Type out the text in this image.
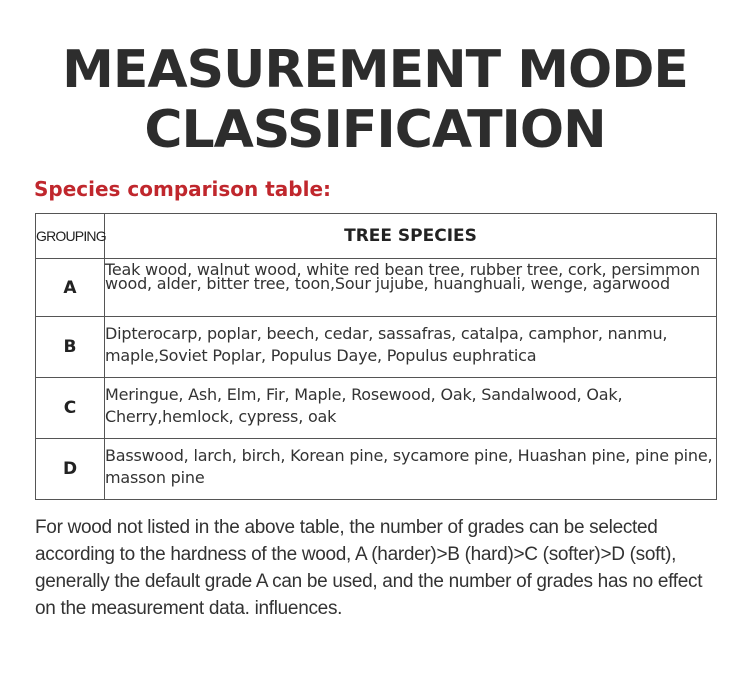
MEASUREMENT MODE
CLASSIFICATION
Species comparison table:
GROUPING	TREE SPECIES
A	Teak wood, walnut wood, white red bean tree, rubber tree, cork, persimmon wood, alder, bitter tree, toon,Sour jujube, huanghuali, wenge, agarwood
B	Dipterocarp, poplar, beech, cedar, sassafras, catalpa, camphor, nanmu, maple,Soviet Poplar, Populus Daye, Populus euphratica
C	Meringue, Ash, Elm, Fir, Maple, Rosewood, Oak, Sandalwood, Oak, Cherry,hemlock, cypress, oak
D	Basswood, larch, birch, Korean pine, sycamore pine, Huashan pine, pine pine, masson pine
For wood not listed in the above table, the number of grades can be selected according to the hardness of the wood, A (harder)>B (hard)>C (softer)>D (soft), generally the default grade A can be used, and the number of grades has no effect on the measurement data. influences.
